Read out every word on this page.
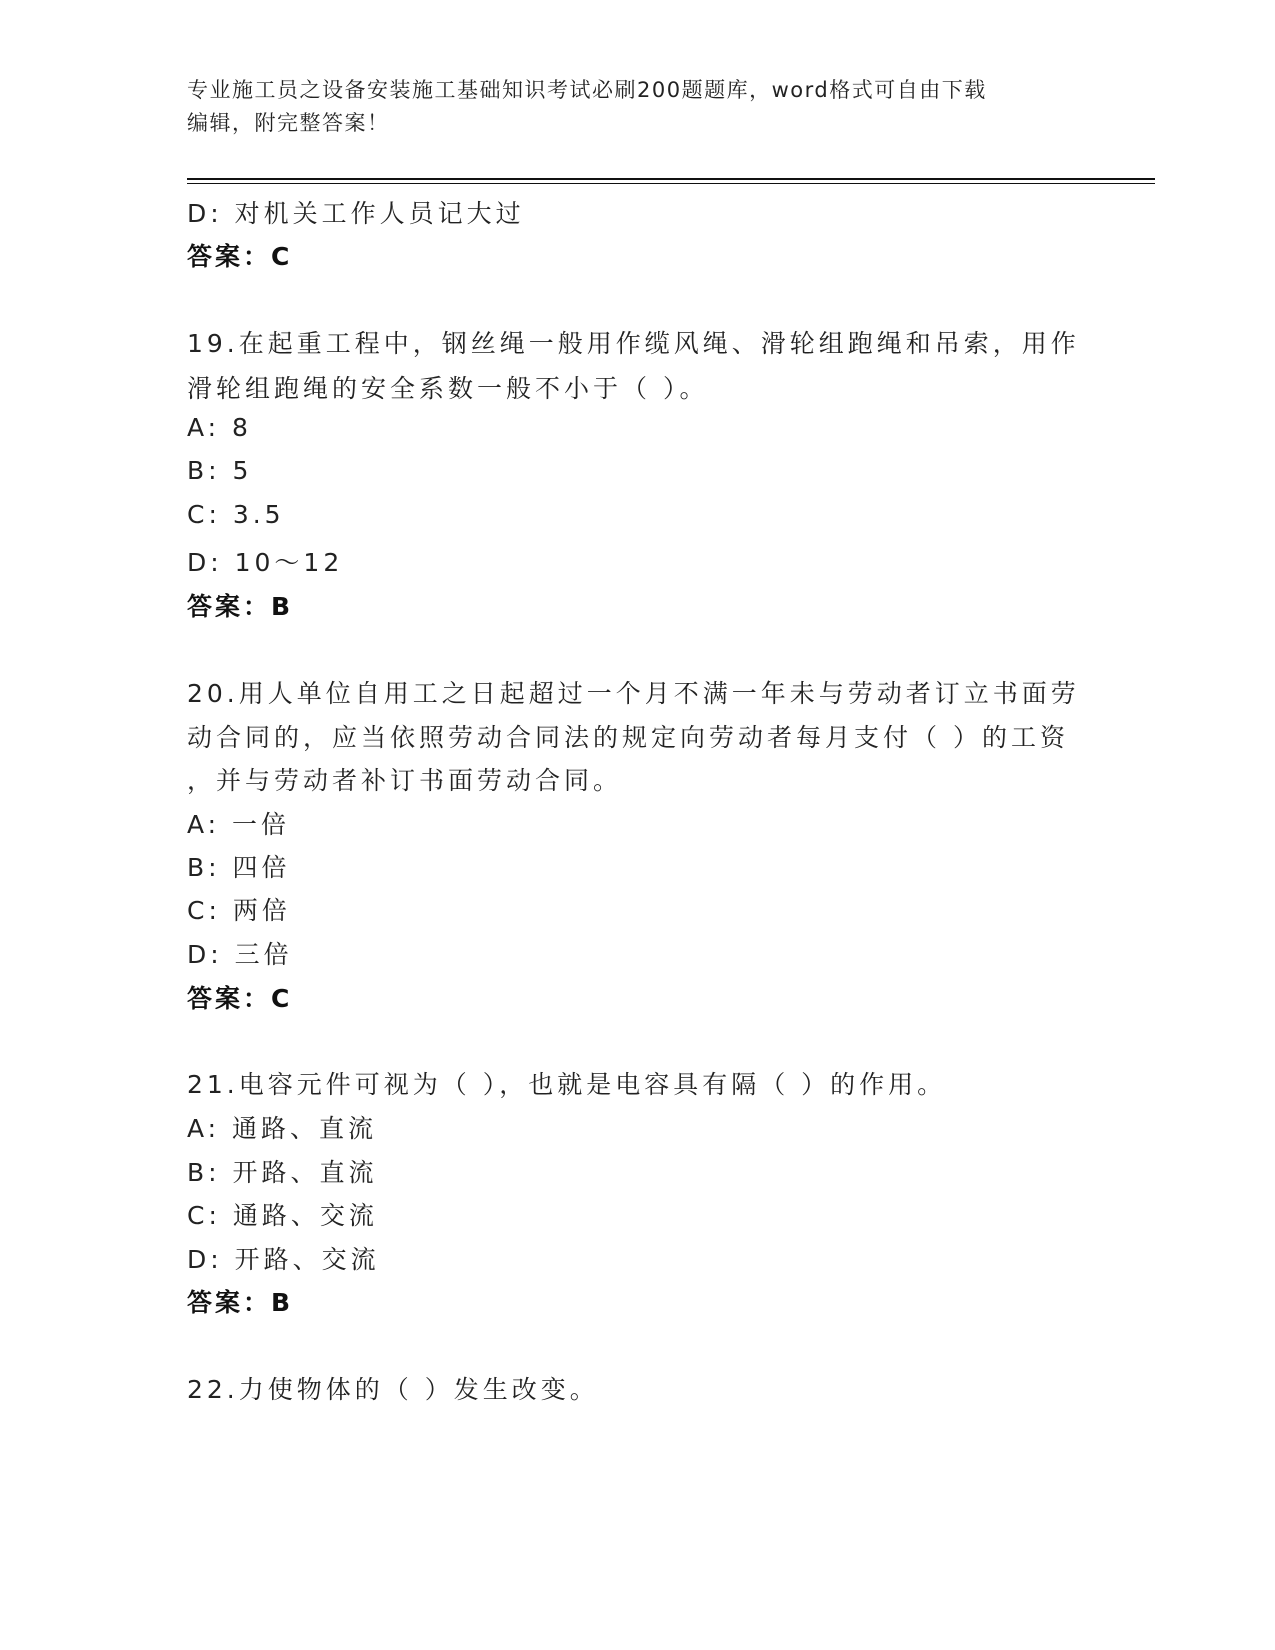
专业施工员之设备安装施工基础知识考试必刷200题题库，word格式可自由下载
编辑，附完整答案！
D: 对机关工作人员记大过
答案：C
19.在起重工程中，钢丝绳一般用作缆风绳、滑轮组跑绳和吊索，用作
滑轮组跑绳的安全系数一般不小于（ ）。
A: 8
B: 5
C: 3.5
D: 10～12
答案：B
20.用人单位自用工之日起超过一个月不满一年未与劳动者订立书面劳
动合同的，应当依照劳动合同法的规定向劳动者每月支付（ ）的工资
，并与劳动者补订书面劳动合同。
A: 一倍
B: 四倍
C: 两倍
D: 三倍
答案：C
21.电容元件可视为（ ），也就是电容具有隔（ ）的作用。
A: 通路、直流
B: 开路、直流
C: 通路、交流
D: 开路、交流
答案：B
22.力使物体的（ ）发生改变。
